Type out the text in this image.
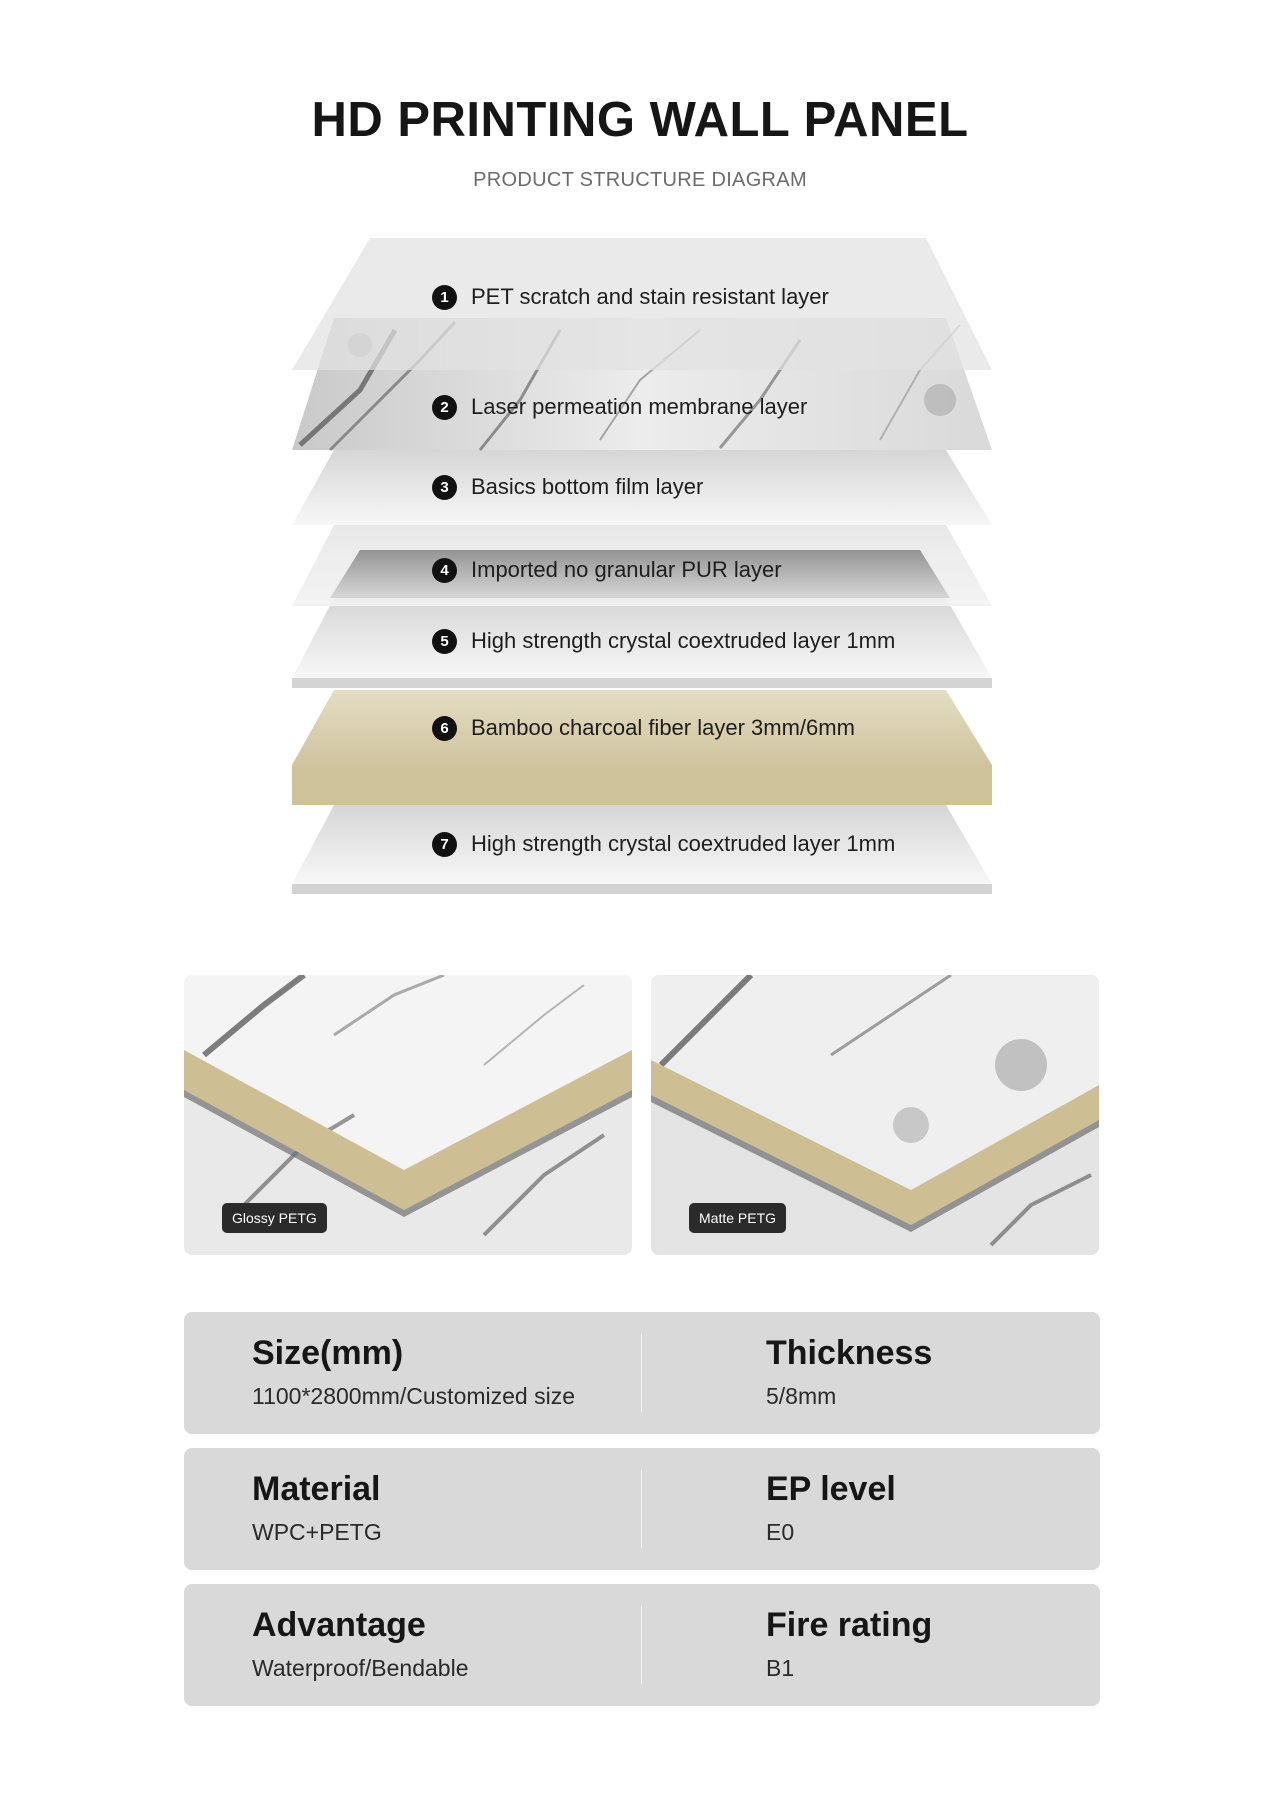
HD PRINTING WALL PANEL
PRODUCT STRUCTURE DIAGRAM
1	PET scratch and stain resistant layer
2	Laser permeation membrane layer
3	Basics bottom film layer
4	Imported no granular PUR layer
5	High strength crystal coextruded layer 1mm
6	Bamboo charcoal fiber layer 3mm/6mm
7	High strength crystal coextruded layer 1mm
Glossy PETG	Matte PETG
Size(mm)
1100*2800mm/Customized size
Thickness
5/8mm
Material
WPC+PETG
EP level
E0
Advantage
Waterproof/Bendable
Fire rating
B1
